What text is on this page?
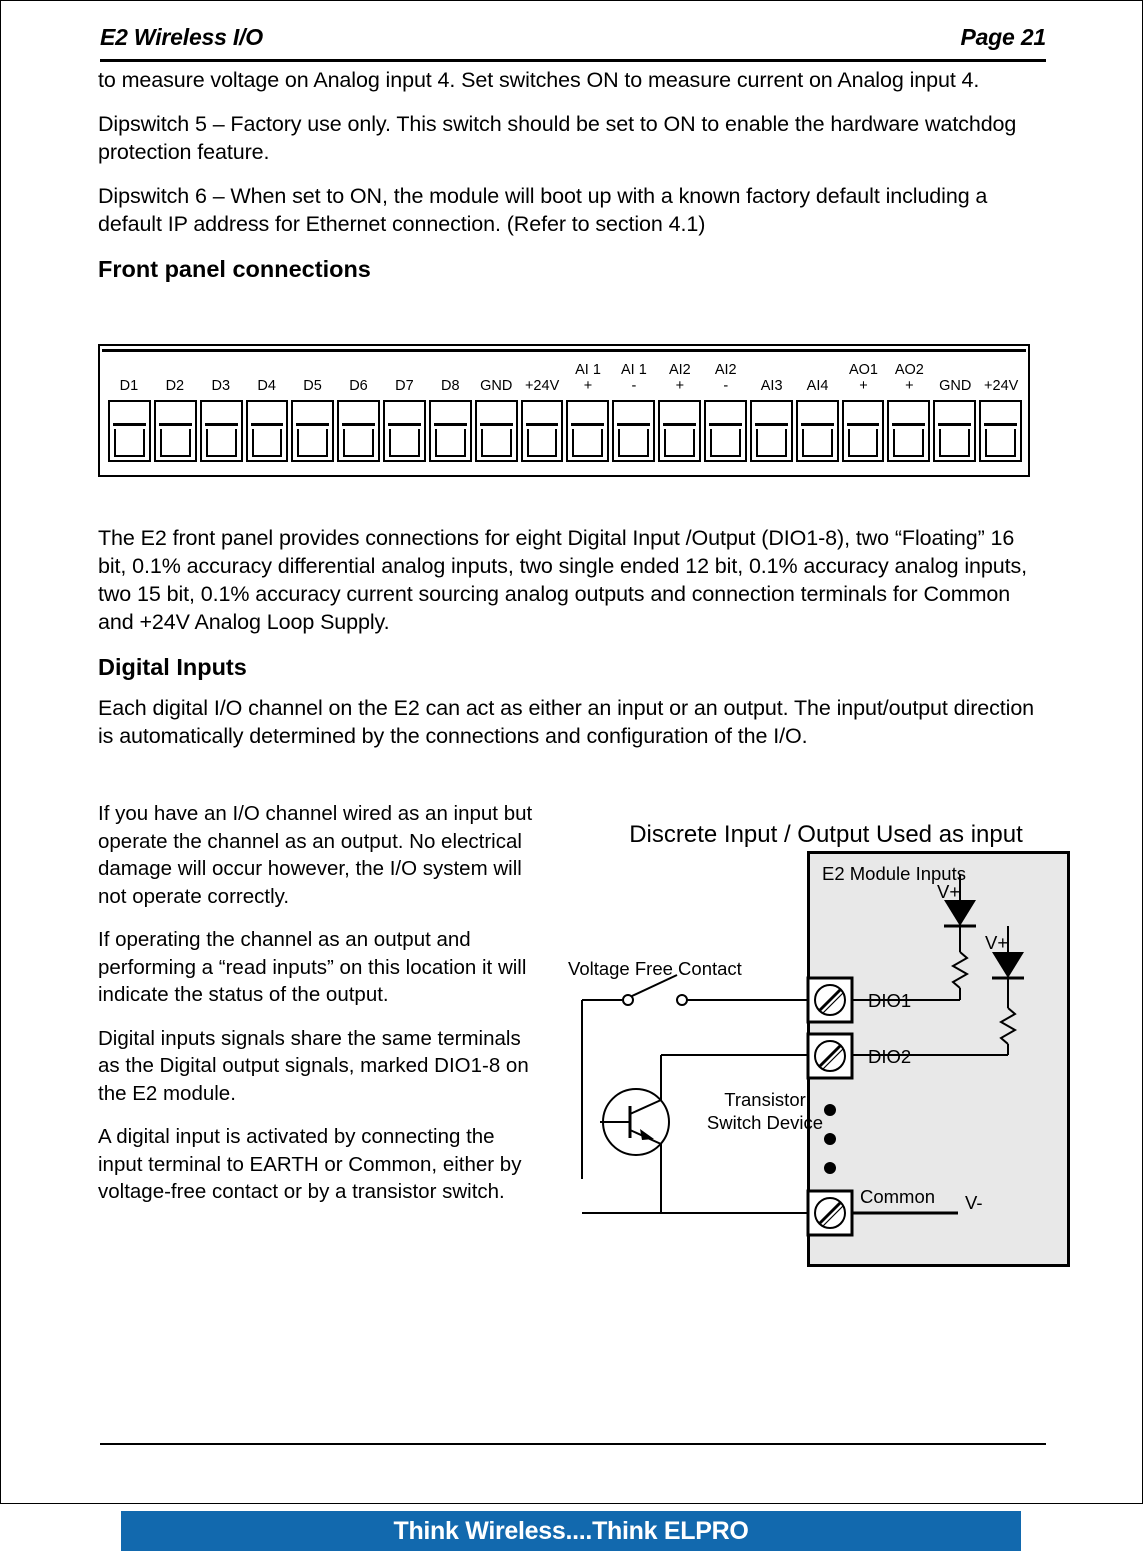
E2 Wireless I/O	Page 21

to measure voltage on Analog input 4. Set switches ON to measure current on Analog input 4.

Dipswitch 5 – Factory use only. This switch should be set to ON to enable the hardware watchdog protection feature.

Dipswitch 6 – When set to ON, the module will boot up with a known factory default including a default IP address for Ethernet connection. (Refer to section 4.1)

Front panel connections

D1
D2
D3
D4
D5
D6
D7
D8
GND
+24V
AI 1
+
AI 1
-
AI2
+
AI2
-
AI3
AI4
AO1
+
AO2
+
GND
+24V

The E2 front panel provides connections for eight Digital Input /Output (DIO1-8), two “Floating” 16 bit, 0.1% accuracy differential analog inputs, two single ended 12 bit, 0.1% accuracy analog inputs, two 15 bit, 0.1% accuracy current sourcing analog outputs and connection terminals for Common and +24V Analog Loop Supply.

Digital Inputs

Each digital I/O channel on the E2 can act as either an input or an output. The input/output direction is automatically determined by the connections and configuration of the I/O.

If you have an I/O channel wired as an input but operate the channel as an output. No electrical damage will occur however, the I/O system will not operate correctly.

If operating the channel as an output and performing a “read inputs” on this location it will indicate the status of the output.

Digital inputs signals share the same terminals as the Digital output signals, marked DIO1-8 on the E2 module.

A digital input is activated by connecting the input terminal to EARTH or Common, either by voltage-free contact or by a transistor switch.

Discrete Input / Output Used as input
E2 Module Inputs
Voltage Free Contact
DIO1
DIO2
Common V-
V+
V+
Transistor Switch Device
Think Wireless....Think ELPRO
